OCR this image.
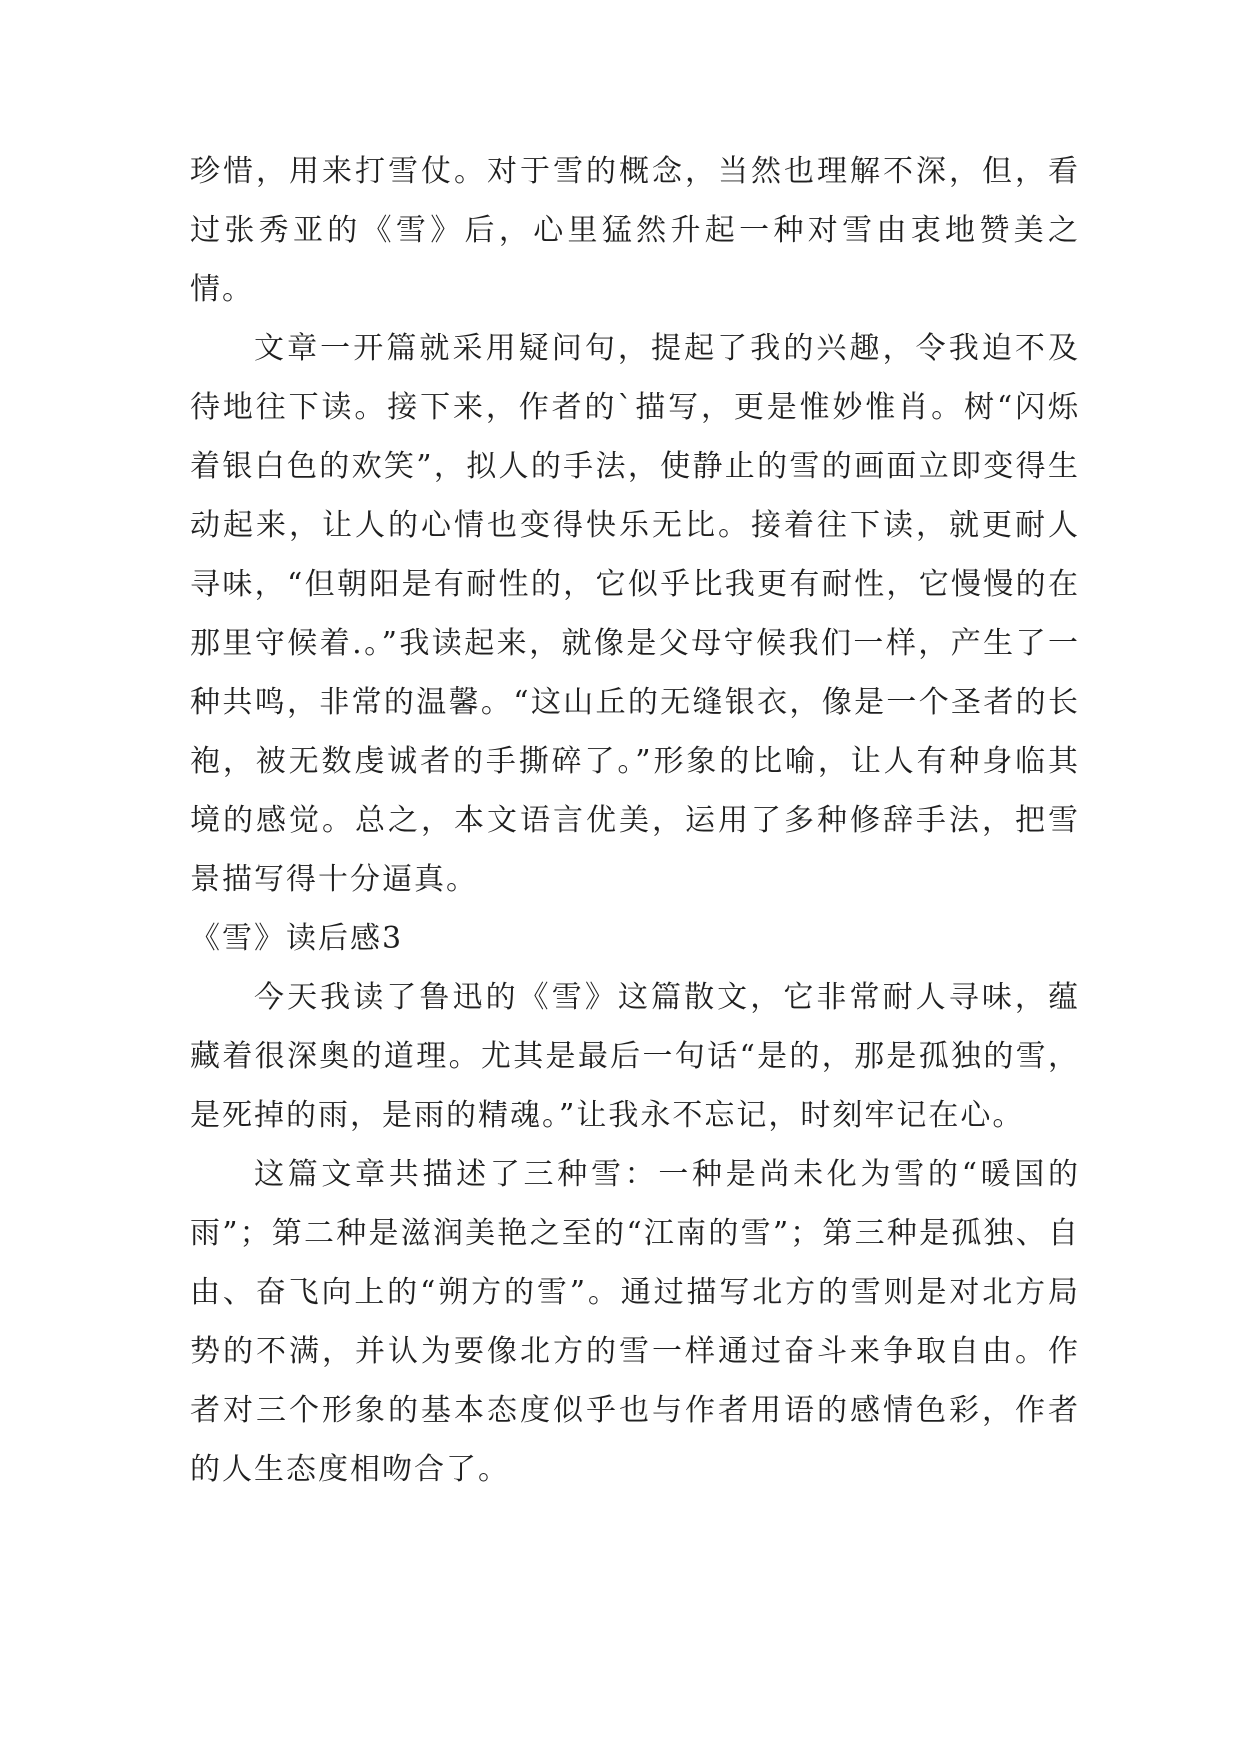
珍惜，用来打雪仗。对于雪的概念，当然也理解不深，但，看过张秀亚的《雪》后，心里猛然升起一种对雪由衷地赞美之情。

文章一开篇就采用疑问句，提起了我的兴趣，令我迫不及待地往下读。接下来，作者的`描写，更是惟妙惟肖。树“闪烁着银白色的欢笑”，拟人的手法，使静止的雪的画面立即变得生动起来，让人的心情也变得快乐无比。接着往下读，就更耐人寻味，“但朝阳是有耐性的，它似乎比我更有耐性，它慢慢的在那里守候着.。”我读起来，就像是父母守候我们一样，产生了一种共鸣，非常的温馨。“这山丘的无缝银衣，像是一个圣者的长袍，被无数虔诚者的手撕碎了。”形象的比喻，让人有种身临其境的感觉。总之，本文语言优美，运用了多种修辞手法，把雪景描写得十分逼真。

《雪》读后感3

今天我读了鲁迅的《雪》这篇散文，它非常耐人寻味，蕴藏着很深奥的道理。尤其是最后一句话“是的，那是孤独的雪，是死掉的雨，是雨的精魂。”让我永不忘记，时刻牢记在心。

这篇文章共描述了三种雪：一种是尚未化为雪的“暖国的雨”；第二种是滋润美艳之至的“江南的雪”；第三种是孤独、自由、奋飞向上的“朔方的雪”。通过描写北方的雪则是对北方局势的不满，并认为要像北方的雪一样通过奋斗来争取自由。作者对三个形象的基本态度似乎也与作者用语的感情色彩，作者的人生态度相吻合了。
